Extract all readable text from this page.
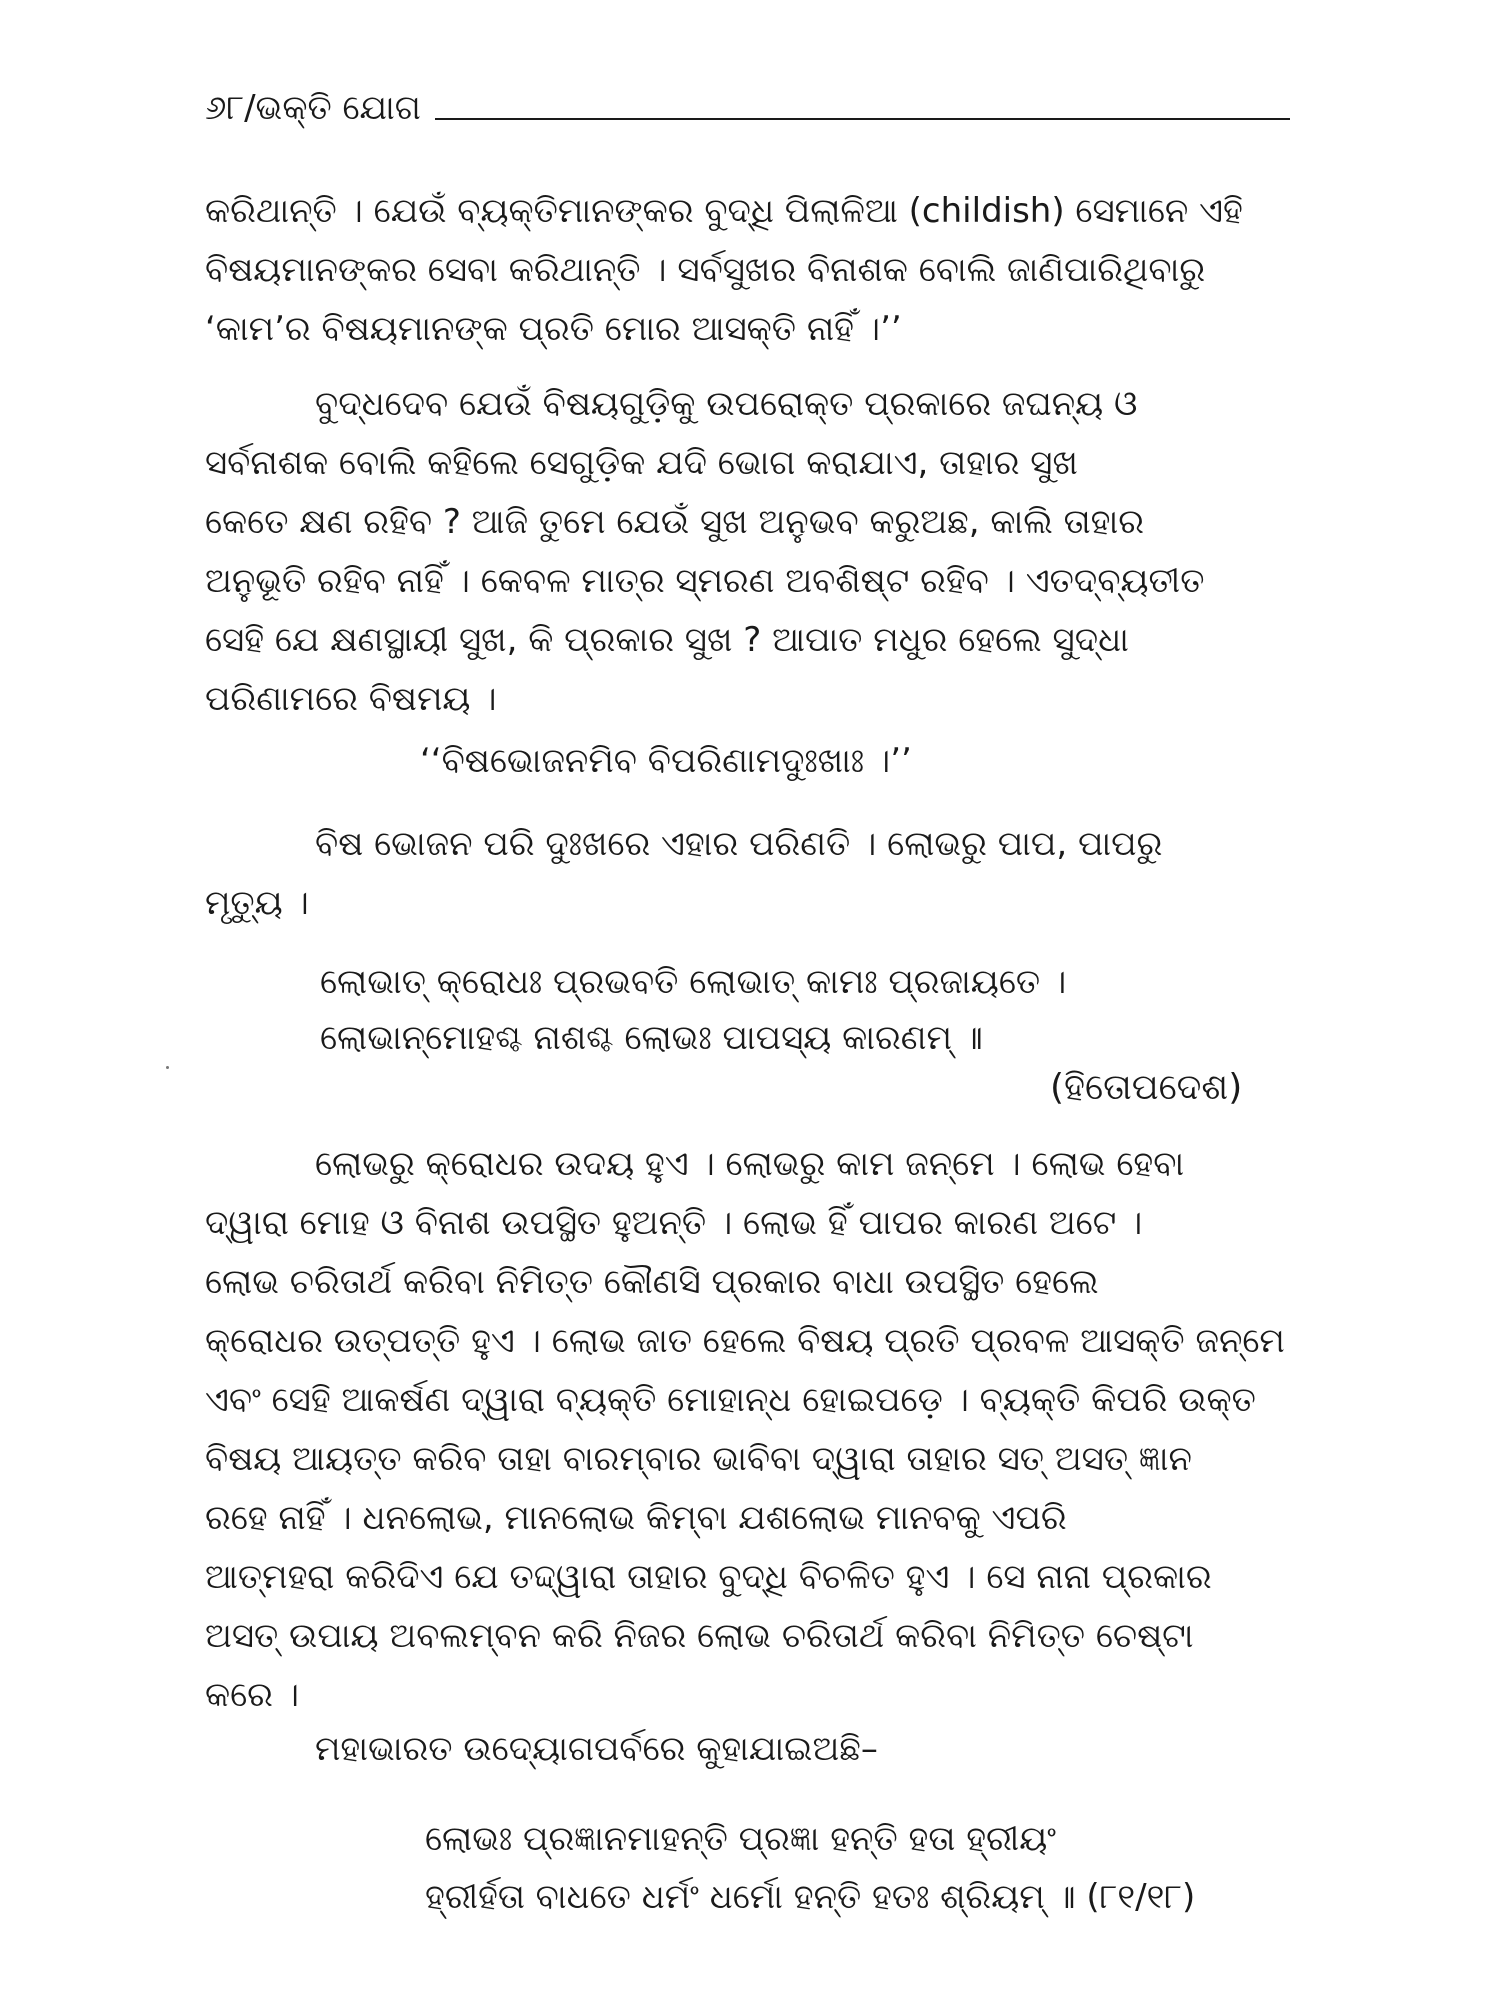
୬୮/ଭକ୍ତି ଯୋଗ
କରିଥାନ୍ତି । ଯେଉଁ ବ୍ୟକ୍ତିମାନଙ୍କର ବୁଦ୍ଧି ପିଲାଳିଆ (childish) ସେମାନେ ଏହି
ବିଷୟମାନଙ୍କର ସେବା କରିଥାନ୍ତି । ସର୍ବସୁଖର ବିନାଶକ ବୋଲି ଜାଣିପାରିଥିବାରୁ
‘କାମ’ର ବିଷୟମାନଙ୍କ ପ୍ରତି ମୋର ଆସକ୍ତି ନାହିଁ ।’’
ବୁଦ୍ଧଦେବ ଯେଉଁ ବିଷୟଗୁଡ଼ିକୁ ଉପରୋକ୍ତ ପ୍ରକାରେ ଜଘନ୍ୟ ଓ
ସର୍ବନାଶକ ବୋଲି କହିଲେ ସେଗୁଡ଼ିକ ଯଦି ଭୋଗ କରାଯାଏ, ତାହାର ସୁଖ
କେତେ କ୍ଷଣ ରହିବ ? ଆଜି ତୁମେ ଯେଉଁ ସୁଖ ଅନୁଭବ କରୁଅଛ, କାଲି ତାହାର
ଅନୁଭୂତି ରହିବ ନାହିଁ । କେବଳ ମାତ୍ର ସ୍ମରଣ ଅବଶିଷ୍ଟ ରହିବ । ଏତଦ୍‌ବ୍ୟତୀତ
ସେହି ଯେ କ୍ଷଣସ୍ଥାୟୀ ସୁଖ, କି ପ୍ରକାର ସୁଖ ? ଆପାତ ମଧୁର ହେଲେ ସୁଦ୍ଧା
ପରିଣାମରେ ବିଷମୟ ।
‘‘ବିଷଭୋଜନମିବ ବିପରିଣାମଦୁଃଖାଃ ।’’
ବିଷ ଭୋଜନ ପରି ଦୁଃଖରେ ଏହାର ପରିଣତି । ଲୋଭରୁ ପାପ, ପାପରୁ
ମୃତ୍ୟୁ ।
ଲୋଭାତ୍ କ୍ରୋଧଃ ପ୍ରଭବତି ଲୋଭାତ୍ କାମଃ ପ୍ରଜାୟତେ ।
ଲୋଭାନ୍ମୋହଶ୍ଚ ନାଶଶ୍ଚ ଲୋଭଃ ପାପସ୍ୟ କାରଣମ୍ ॥
(ହିତୋପଦେଶ)
ଲୋଭରୁ କ୍ରୋଧର ଉଦୟ ହୁଏ । ଲୋଭରୁ କାମ ଜନ୍ମେ । ଲୋଭ ହେବା
ଦ୍ୱାରା ମୋହ ଓ ବିନାଶ ଉପସ୍ଥିତ ହୁଅନ୍ତି । ଲୋଭ ହିଁ ପାପର କାରଣ ଅଟେ ।
ଲୋଭ ଚରିତାର୍ଥ କରିବା ନିମିତ୍ତ କୌଣସି ପ୍ରକାର ବାଧା ଉପସ୍ଥିତ ହେଲେ
କ୍ରୋଧର ଉତ୍ପତ୍ତି ହୁଏ । ଲୋଭ ଜାତ ହେଲେ ବିଷୟ ପ୍ରତି ପ୍ରବଳ ଆସକ୍ତି ଜନ୍ମେ
ଏବଂ ସେହି ଆକର୍ଷଣ ଦ୍ୱାରା ବ୍ୟକ୍ତି ମୋହାନ୍ଧ ହୋଇପଡ଼େ । ବ୍ୟକ୍ତି କିପରି ଉକ୍ତ
ବିଷୟ ଆୟତ୍ତ କରିବ ତାହା ବାରମ୍ବାର ଭାବିବା ଦ୍ୱାରା ତାହାର ସତ୍ ଅସତ୍ ଜ୍ଞାନ
ରହେ ନାହିଁ । ଧନଲୋଭ, ମାନଲୋଭ କିମ୍ବା ଯଶଲୋଭ ମାନବକୁ ଏପରି
ଆତ୍ମହରା କରିଦିଏ ଯେ ତଦ୍ଦ୍ୱାରା ତାହାର ବୁଦ୍ଧି ବିଚଳିତ ହୁଏ । ସେ ନାନା ପ୍ରକାର
ଅସତ୍ ଉପାୟ ଅବଲମ୍ବନ କରି ନିଜର ଲୋଭ ଚରିତାର୍ଥ କରିବା ନିମିତ୍ତ ଚେଷ୍ଟା
କରେ ।
ମହାଭାରତ ଉଦ୍ୟୋଗପର୍ବରେ କୁହାଯାଇଅଛି–
ଲୋଭଃ ପ୍ରଜ୍ଞାନମାହନ୍ତି ପ୍ରଜ୍ଞା ହନ୍ତି ହତା ହ୍ରୀୟଂ
ହ୍ରୀର୍ହତା ବାଧତେ ଧର୍ମଂ ଧର୍ମୋ ହନ୍ତି ହତଃ ଶ୍ରିୟମ୍ ॥ (୮୧/୧୮)
